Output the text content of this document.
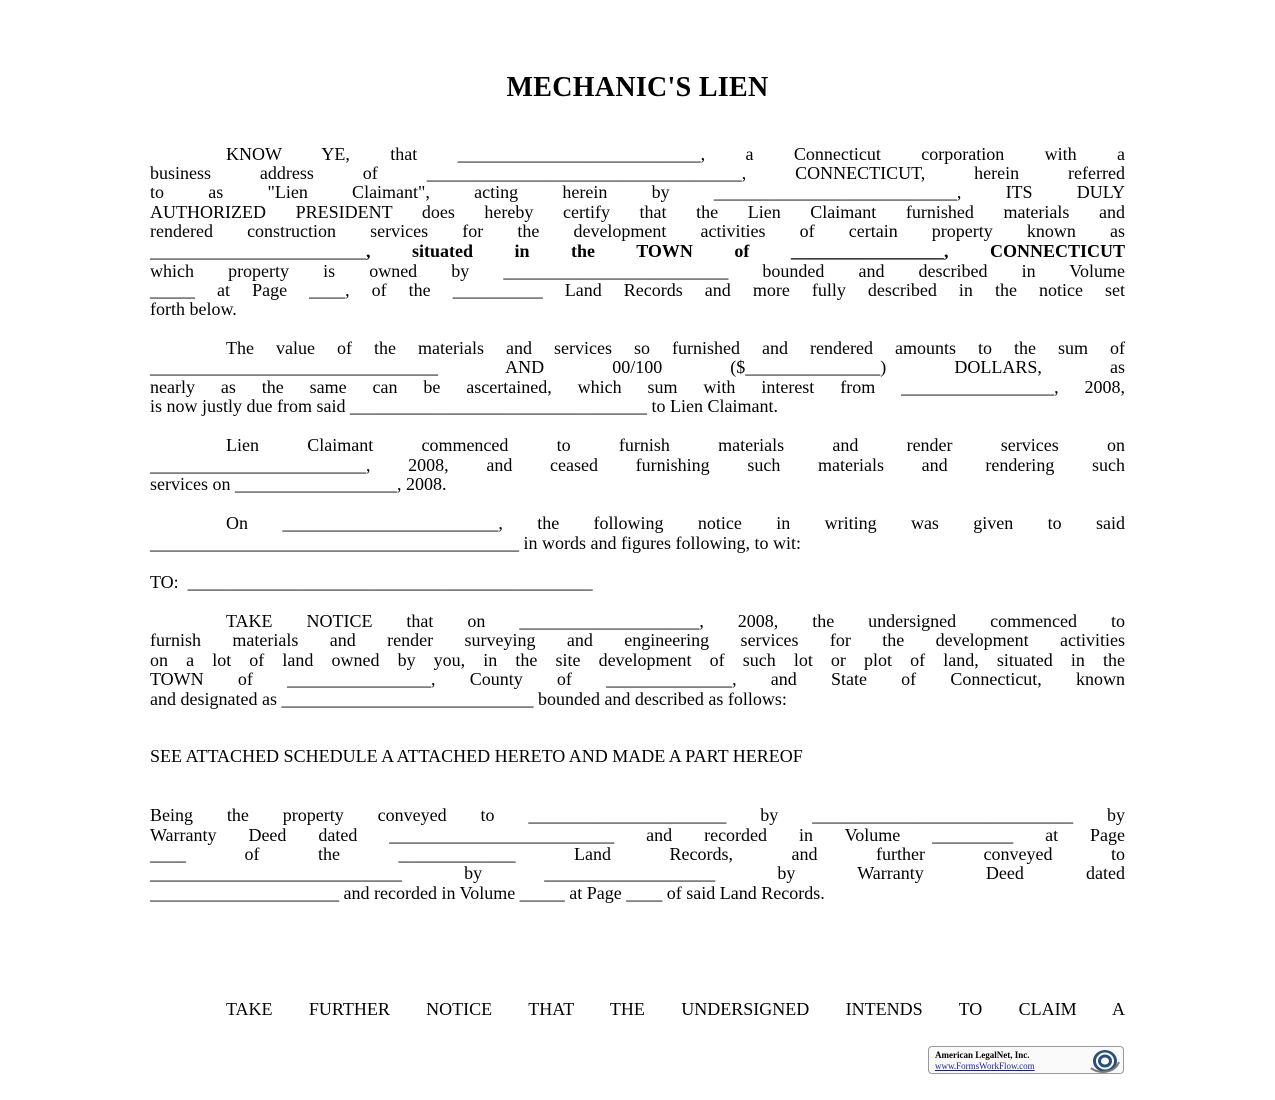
MECHANIC'S LIEN
KNOW YE, that ___________________________, a Connecticut corporation with a
business address of ___________________________________, CONNECTICUT, herein referred
to as "Lien Claimant", acting herein by ___________________________, ITS DULY
AUTHORIZED PRESIDENT does hereby certify that the Lien Claimant furnished materials and
rendered construction services for the development activities of certain property known as
________________________, situated in the TOWN of _________________, CONNECTICUT
which property is owned by _________________________ bounded and described in Volume
_____ at Page ____, of the __________ Land Records and more fully described in the notice set
forth below.
The value of the materials and services so furnished and rendered amounts to the sum of
________________________________ AND 00/100 ($_______________) DOLLARS, as
nearly as the same can be ascertained, which sum with interest from _________________, 2008,
is now justly due from said _________________________________ to Lien Claimant.
Lien Claimant commenced to furnish materials and render services on
________________________, 2008, and ceased furnishing such materials and rendering such
services on __________________, 2008.
On ________________________, the following notice in writing was given to said
_________________________________________ in words and figures following, to wit:
TO:  _____________________________________________
TAKE NOTICE that on ____________________, 2008, the undersigned commenced to
furnish materials and render surveying and engineering services for the development activities
on a lot of land owned by you, in the site development of such lot or plot of land, situated in the
TOWN of ________________, County of ______________, and State of Connecticut, known
and designated as ____________________________ bounded and described as follows:
SEE ATTACHED SCHEDULE A ATTACHED HERETO AND MADE A PART HEREOF
Being the property conveyed to ______________________ by _____________________________ by
Warranty Deed dated _________________________ and recorded in Volume _________ at Page
____ of the _____________ Land Records, and further conveyed to
____________________________ by ___________________ by Warranty Deed dated
_____________________ and recorded in Volume _____ at Page ____ of said Land Records.
TAKE FURTHER NOTICE THAT THE UNDERSIGNED INTENDS TO CLAIM A
American LegalNet, Inc.
www.FormsWorkFlow.com
